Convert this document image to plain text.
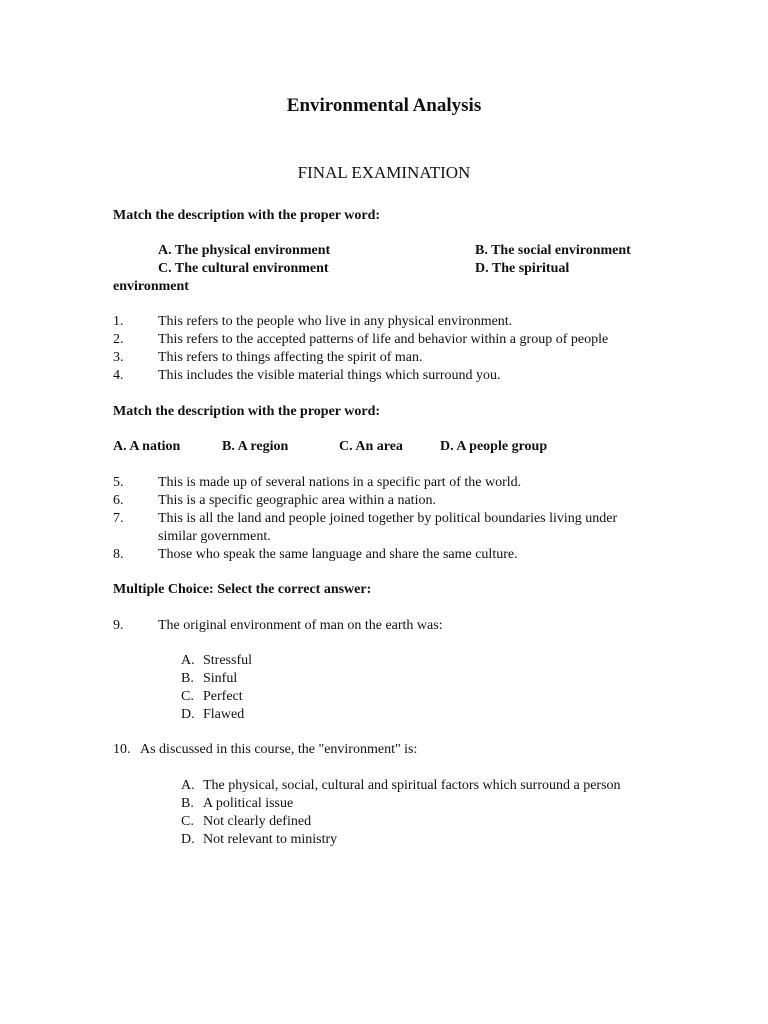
Environmental Analysis
FINAL EXAMINATION
Match the description with the proper word:
A. The physical environment	B. The social environment
C. The cultural environment	D. The spiritual
environment
1. This refers to the people who live in any physical environment.
2. This refers to the accepted patterns of life and behavior within a group of people
3. This refers to things affecting the spirit of man.
4. This includes the visible material things which surround you.
Match the description with the proper word:
A. A nation	B. A region	C. An area	D. A people group
5. This is made up of several nations in a specific part of the world.
6. This is a specific geographic area within a nation.
7. This is all the land and people joined together by political boundaries living under
similar government.
8. Those who speak the same language and share the same culture.
Multiple Choice: Select the correct answer:
9. The original environment of man on the earth was:
A. Stressful
B. Sinful
C. Perfect
D. Flawed
10. As discussed in this course, the "environment" is:
A. The physical, social, cultural and spiritual factors which surround a person
B. A political issue
C. Not clearly defined
D. Not relevant to ministry
